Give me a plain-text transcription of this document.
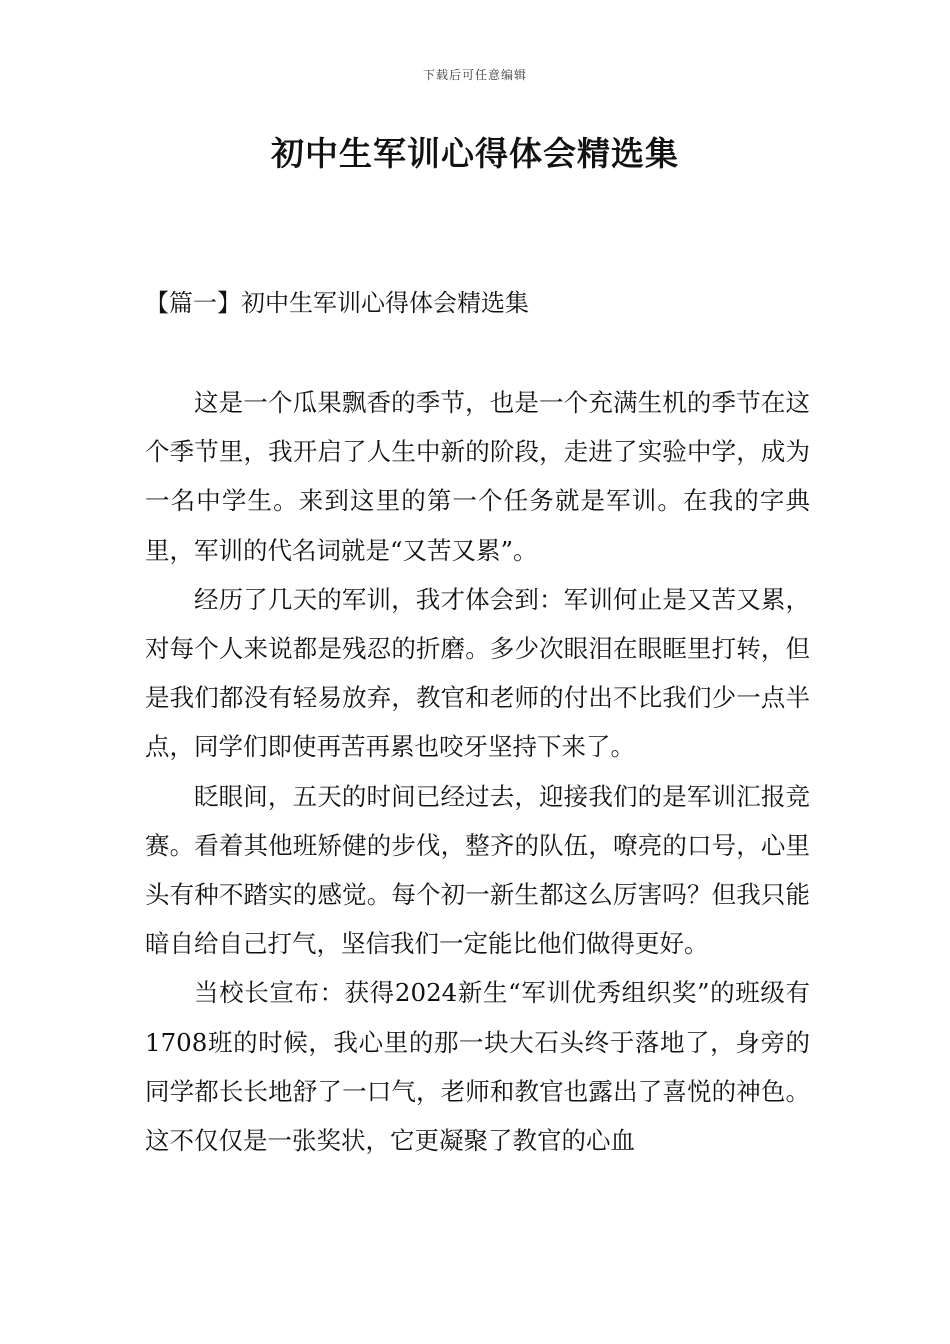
下载后可任意编辑
初中生军训心得体会精选集
【篇一】初中生军训心得体会精选集

这是一个瓜果飘香的季节，也是一个充满生机的季节在这个季节里，我开启了人生中新的阶段，走进了实验中学，成为一名中学生。来到这里的第一个任务就是军训。在我的字典里，军训的代名词就是“又苦又累”。

经历了几天的军训，我才体会到：军训何止是又苦又累，对每个人来说都是残忍的折磨。多少次眼泪在眼眶里打转，但是我们都没有轻易放弃，教官和老师的付出不比我们少一点半点，同学们即使再苦再累也咬牙坚持下来了。

眨眼间，五天的时间已经过去，迎接我们的是军训汇报竞赛。看着其他班矫健的步伐，整齐的队伍，嘹亮的口号，心里头有种不踏实的感觉。每个初一新生都这么厉害吗？但我只能暗自给自己打气，坚信我们一定能比他们做得更好。

当校长宣布：获得2024新生“军训优秀组织奖”的班级有1708班的时候，我心里的那一块大石头终于落地了，身旁的同学都长长地舒了一口气，老师和教官也露出了喜悦的神色。这不仅仅是一张奖状，它更凝聚了教官的心血
